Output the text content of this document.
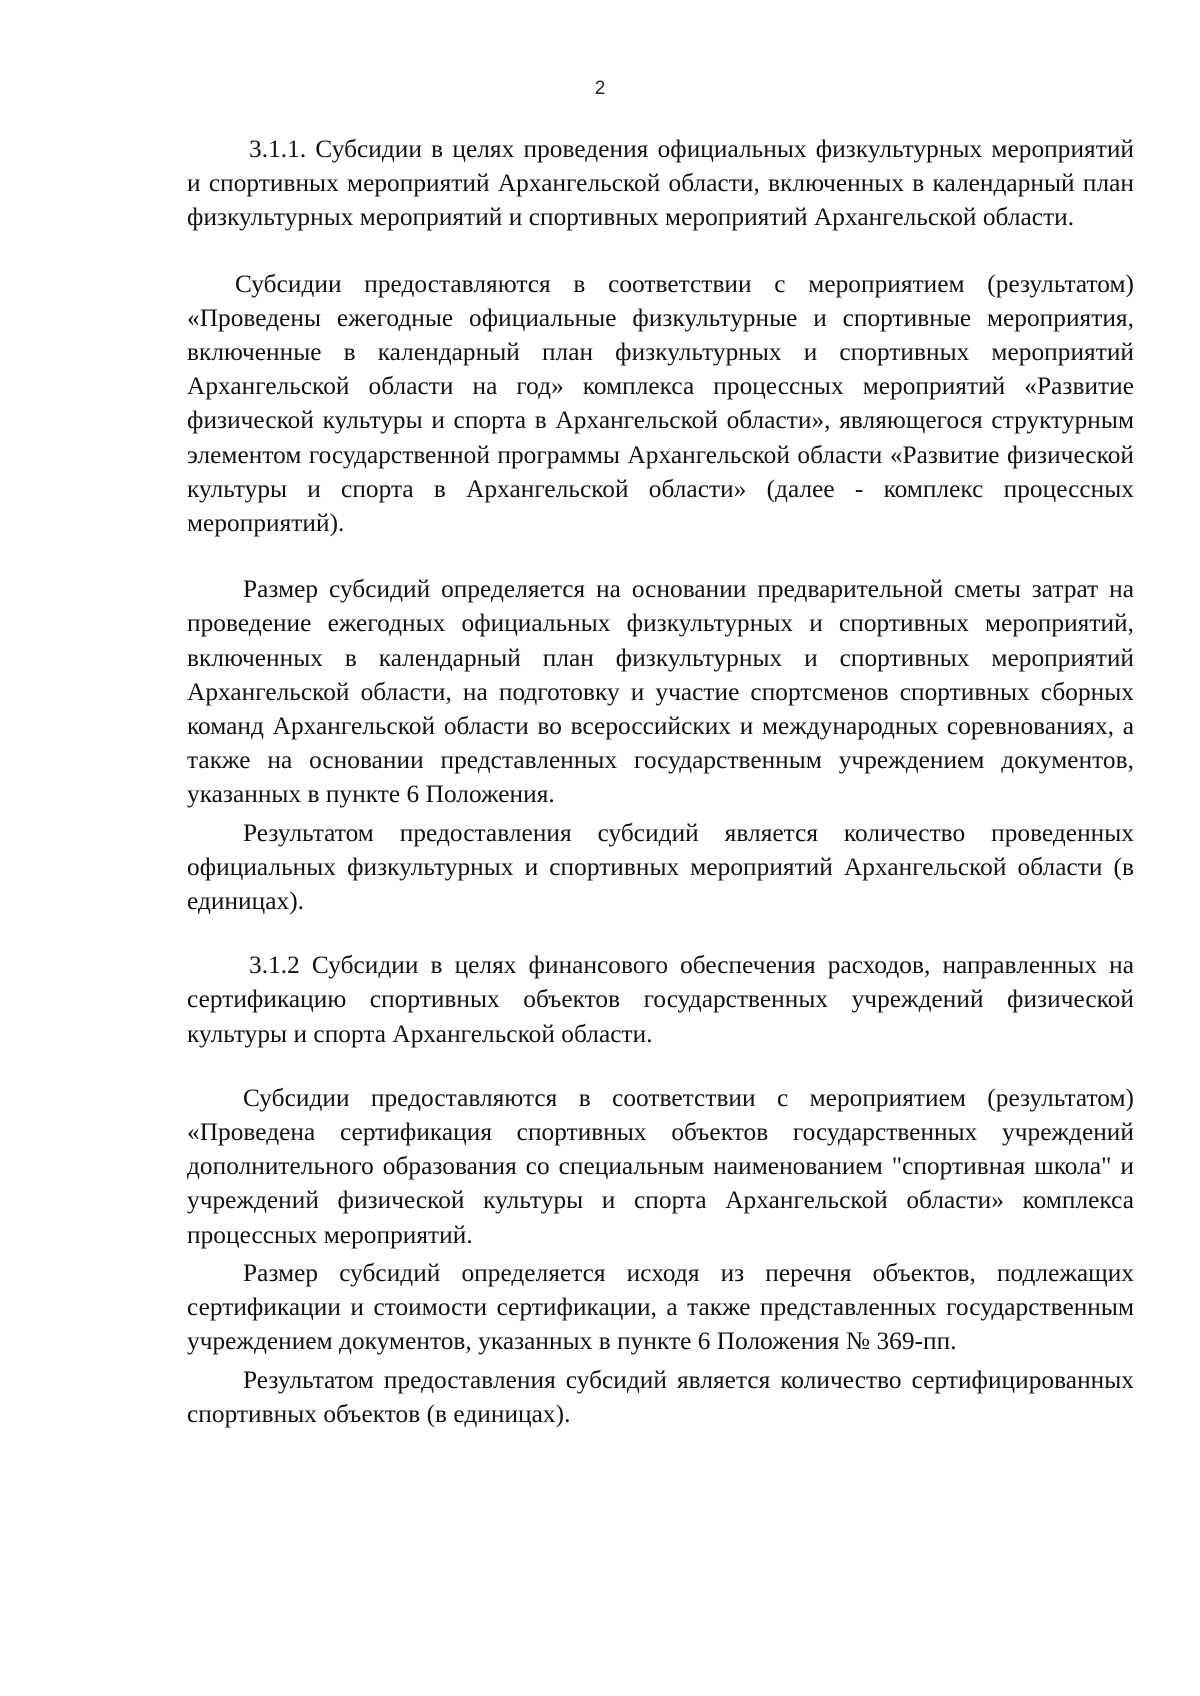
2

3.1.1. Субсидии в целях проведения официальных физкультурных мероприятий и спортивных мероприятий Архангельской области, включенных в календарный план физкультурных мероприятий и спортивных мероприятий Архангельской области.

Субсидии предоставляются в соответствии с мероприятием (результатом) «Проведены ежегодные официальные физкультурные и спортивные мероприятия, включенные в календарный план физкультурных и спортивных мероприятий Архангельской области на год» комплекса процессных мероприятий «Развитие физической культуры и спорта в Архангельской области», являющегося структурным элементом государственной программы Архангельской области «Развитие физической культуры и спорта в Архангельской области» (далее - комплекс процессных мероприятий).

Размер субсидий определяется на основании предварительной сметы затрат на проведение ежегодных официальных физкультурных и спортивных мероприятий, включенных в календарный план физкультурных и спортивных мероприятий Архангельской области, на подготовку и участие спортсменов спортивных сборных команд Архангельской области во всероссийских и международных соревнованиях, а также на основании представленных государственным учреждением документов, указанных в пункте 6 Положения.

Результатом предоставления субсидий является количество проведенных официальных физкультурных и спортивных мероприятий Архангельской области (в единицах).

3.1.2 Субсидии в целях финансового обеспечения расходов, направленных на сертификацию спортивных объектов государственных учреждений физической культуры и спорта Архангельской области.

Субсидии предоставляются в соответствии с мероприятием (результатом) «Проведена сертификация спортивных объектов государственных учреждений дополнительного образования со специальным наименованием "спортивная школа" и учреждений физической культуры и спорта Архангельской области» комплекса процессных мероприятий.

Размер субсидий определяется исходя из перечня объектов, подлежащих сертификации и стоимости сертификации, а также представленных государственным учреждением документов, указанных в пункте 6 Положения № 369-пп.

Результатом предоставления субсидий является количество сертифицированных спортивных объектов (в единицах).
